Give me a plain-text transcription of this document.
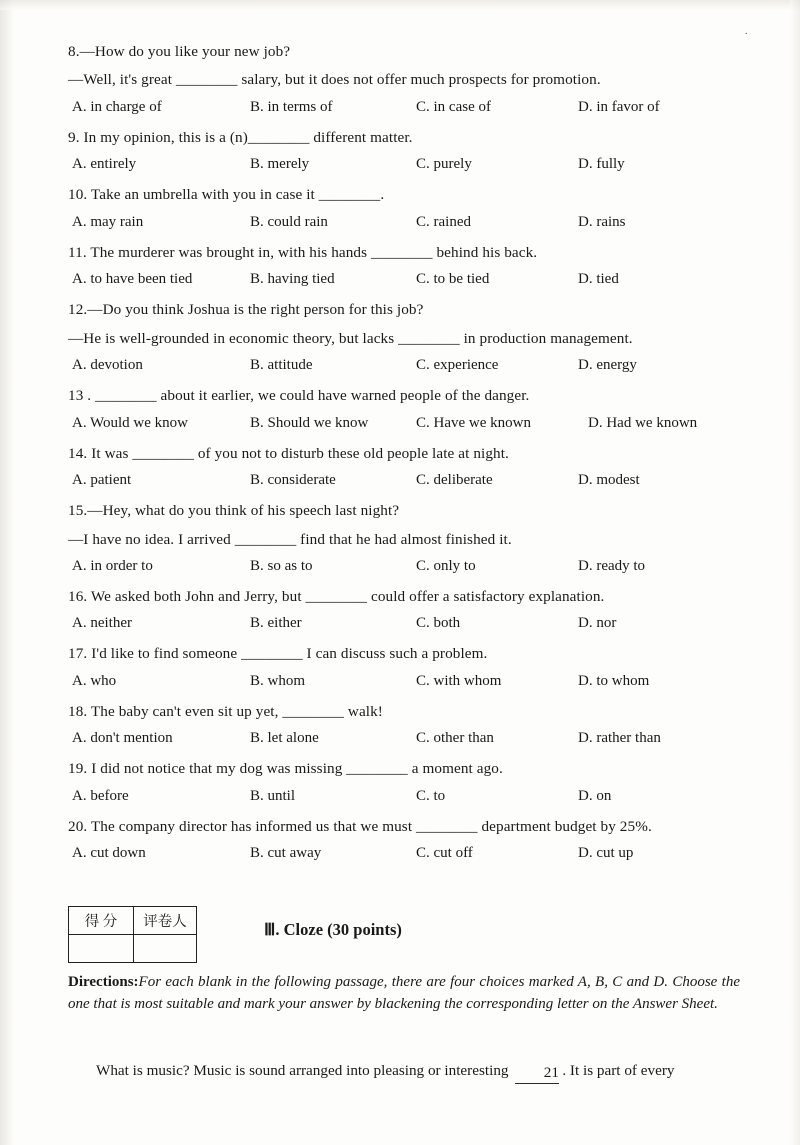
·

8.—How do you like your new job?

—Well, it's great ________ salary, but it does not offer much prospects for promotion.

A. in charge of	B. in terms of	C. in case of	D. in favor of

9. In my opinion, this is a (n)________ different matter.

A. entirely	B. merely	C. purely	D. fully

10. Take an umbrella with you in case it ________.

A. may rain	B. could rain	C. rained	D. rains

11. The murderer was brought in, with his hands ________ behind his back.

A. to have been tied	B. having tied	C. to be tied	D. tied

12.—Do you think Joshua is the right person for this job?

—He is well-grounded in economic theory, but lacks ________ in production management.

A. devotion	B. attitude	C. experience	D. energy

13 . ________ about it earlier, we could have warned people of the danger.

A. Would we know	B. Should we know	C. Have we known	D. Had we known

14. It was ________ of you not to disturb these old people late at night.

A. patient	B. considerate	C. deliberate	D. modest

15.—Hey, what do you think of his speech last night?

—I have no idea. I arrived ________ find that he had almost finished it.

A. in order to	B. so as to	C. only to	D. ready to

16. We asked both John and Jerry, but ________ could offer a satisfactory explanation.

A. neither	B. either	C. both	D. nor

17. I'd like to find someone ________ I can discuss such a problem.

A. who	B. whom	C. with whom	D. to whom

18. The baby can't even sit up yet, ________ walk!

A. don't mention	B. let alone	C. other than	D. rather than

19. I did not notice that my dog was missing ________ a moment ago.

A. before	B. until	C. to	D. on

20. The company director has informed us that we must ________ department budget by 25%.

A. cut down	B. cut away	C. cut off	D. cut up
得 分	评卷人
		Ⅲ. Cloze (30 points)
Directions:For each blank in the following passage, there are four choices marked A, B, C and D. Choose the one that is most suitable and mark your answer by blackening the corresponding letter on the Answer Sheet.

What is music? Music is sound arranged into pleasing or interesting 21 . It is part of every
